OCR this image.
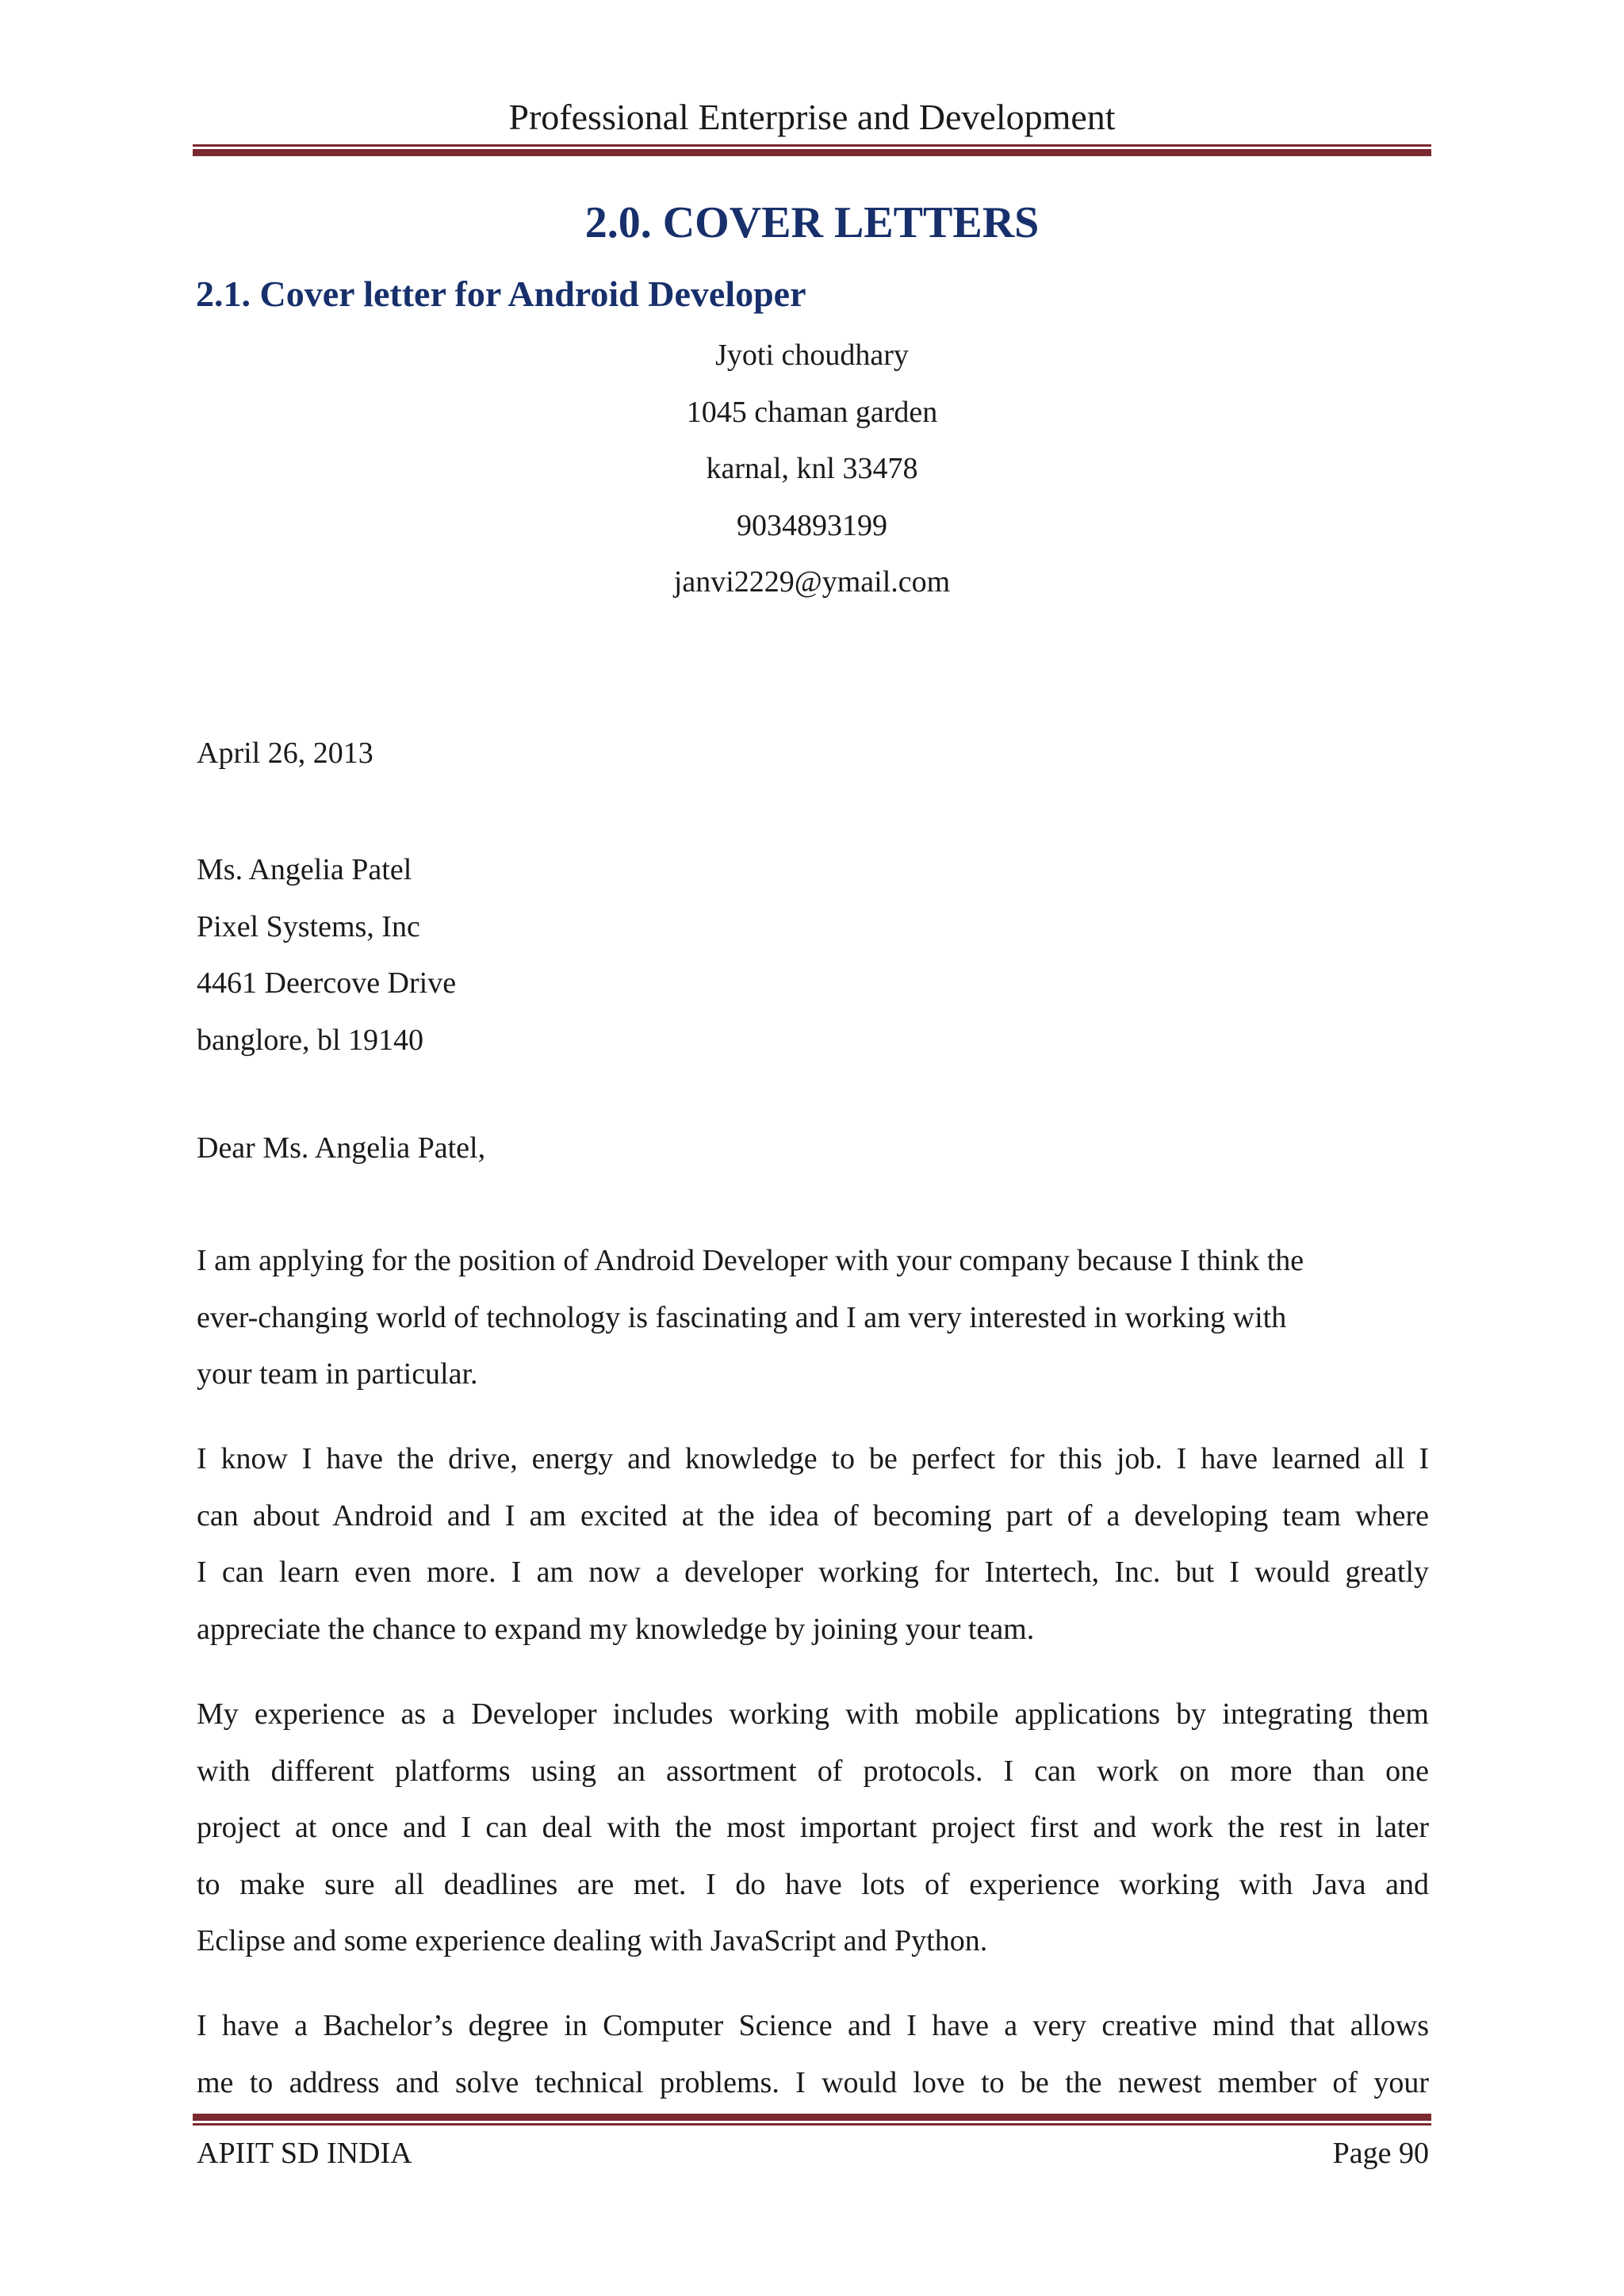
Professional Enterprise and Development
2.0. COVER LETTERS
2.1. Cover letter for Android Developer
Jyoti choudhary
1045 chaman garden
karnal, knl 33478
9034893199
janvi2229@ymail.com
April 26, 2013
Ms. Angelia Patel
Pixel Systems, Inc
4461 Deercove Drive
banglore, bl 19140
Dear Ms. Angelia Patel,
I am applying for the position of Android Developer with your company because I think the
ever-changing world of technology is fascinating and I am very interested in working with
your team in particular.
I know I have the drive, energy and knowledge to be perfect for this job. I have learned all I
can about Android and I am excited at the idea of becoming part of a developing team where
I can learn even more. I am now a developer working for Intertech, Inc. but I would greatly
appreciate the chance to expand my knowledge by joining your team.
My experience as a Developer includes working with mobile applications by integrating them
with different platforms using an assortment of protocols. I can work on more than one
project at once and I can deal with the most important project first and work the rest in later
to make sure all deadlines are met. I do have lots of experience working with Java and
Eclipse and some experience dealing with JavaScript and Python.
I have a Bachelor’s degree in Computer Science and I have a very creative mind that allows
me to address and solve technical problems. I would love to be the newest member of your
APIIT SD INDIA	Page 90
